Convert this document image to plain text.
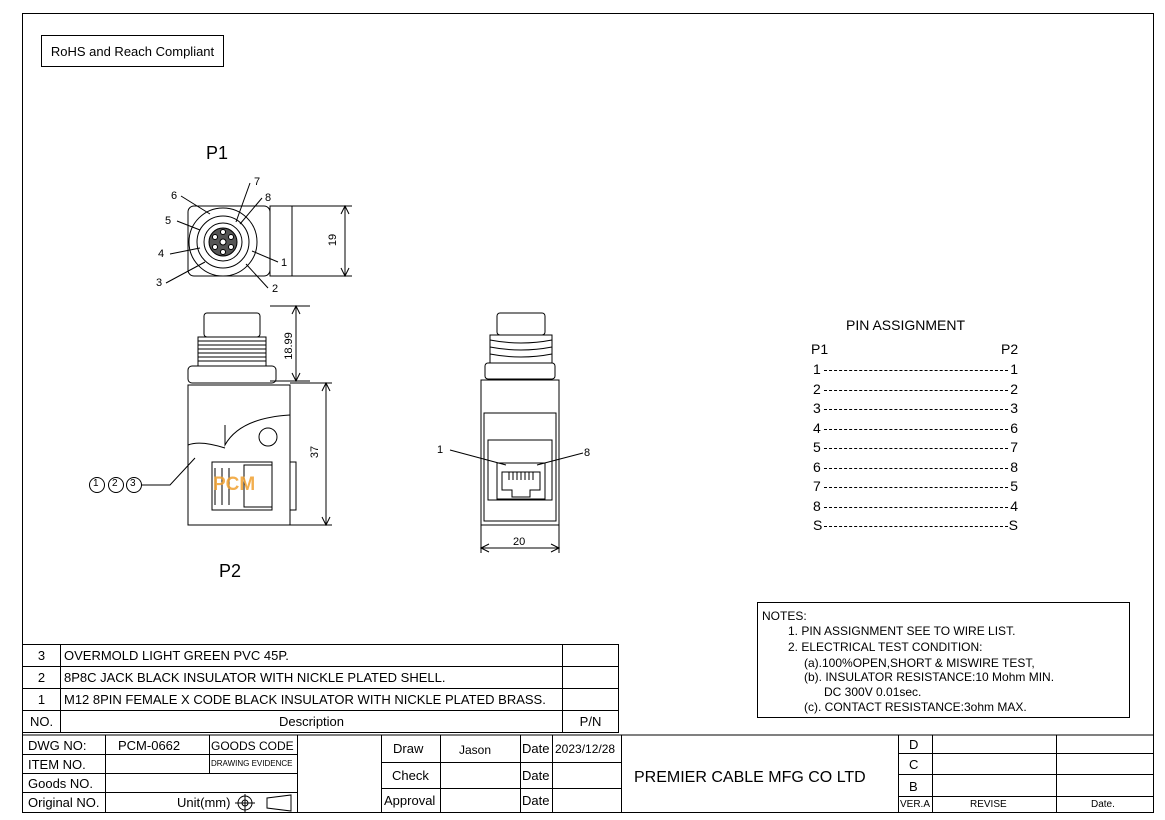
RoHS and Reach Compliant
P1
P2
19
18.99
37
20
1
2
3
4
5
6
7
8
1	8
1 2 3	PCM
PIN ASSIGNMENT
P1	P2
1	1
2	2
3	3
4	6
5	7
6	8
7	5
8	4
S	S
NOTES:
1. PIN ASSIGNMENT SEE TO WIRE LIST.
2. ELECTRICAL TEST CONDITION:
(a).100%OPEN,SHORT & MISWIRE TEST,
(b). INSULATOR RESISTANCE:10 Mohm MIN.
DC 300V 0.01sec.
(c). CONTACT RESISTANCE:3ohm MAX.
3	OVERMOLD LIGHT GREEN PVC 45P.	
2	8P8C JACK BLACK INSULATOR WITH NICKLE PLATED SHELL.	
1	M12 8PIN FEMALE X CODE BLACK INSULATOR WITH NICKLE PLATED BRASS.	
NO.	Description	P/N
DWG NO: PCM-0662	GOODS CODE
ITEM NO.	DRAWING EVIDENCE
Goods NO.
Original NO.	Unit(mm)
Draw	Jason Date 2023/12/28
Check	Date
Approval	Date
PREMIER CABLE MFG CO LTD
D
C
B
VER.A	REVISE	Date.
